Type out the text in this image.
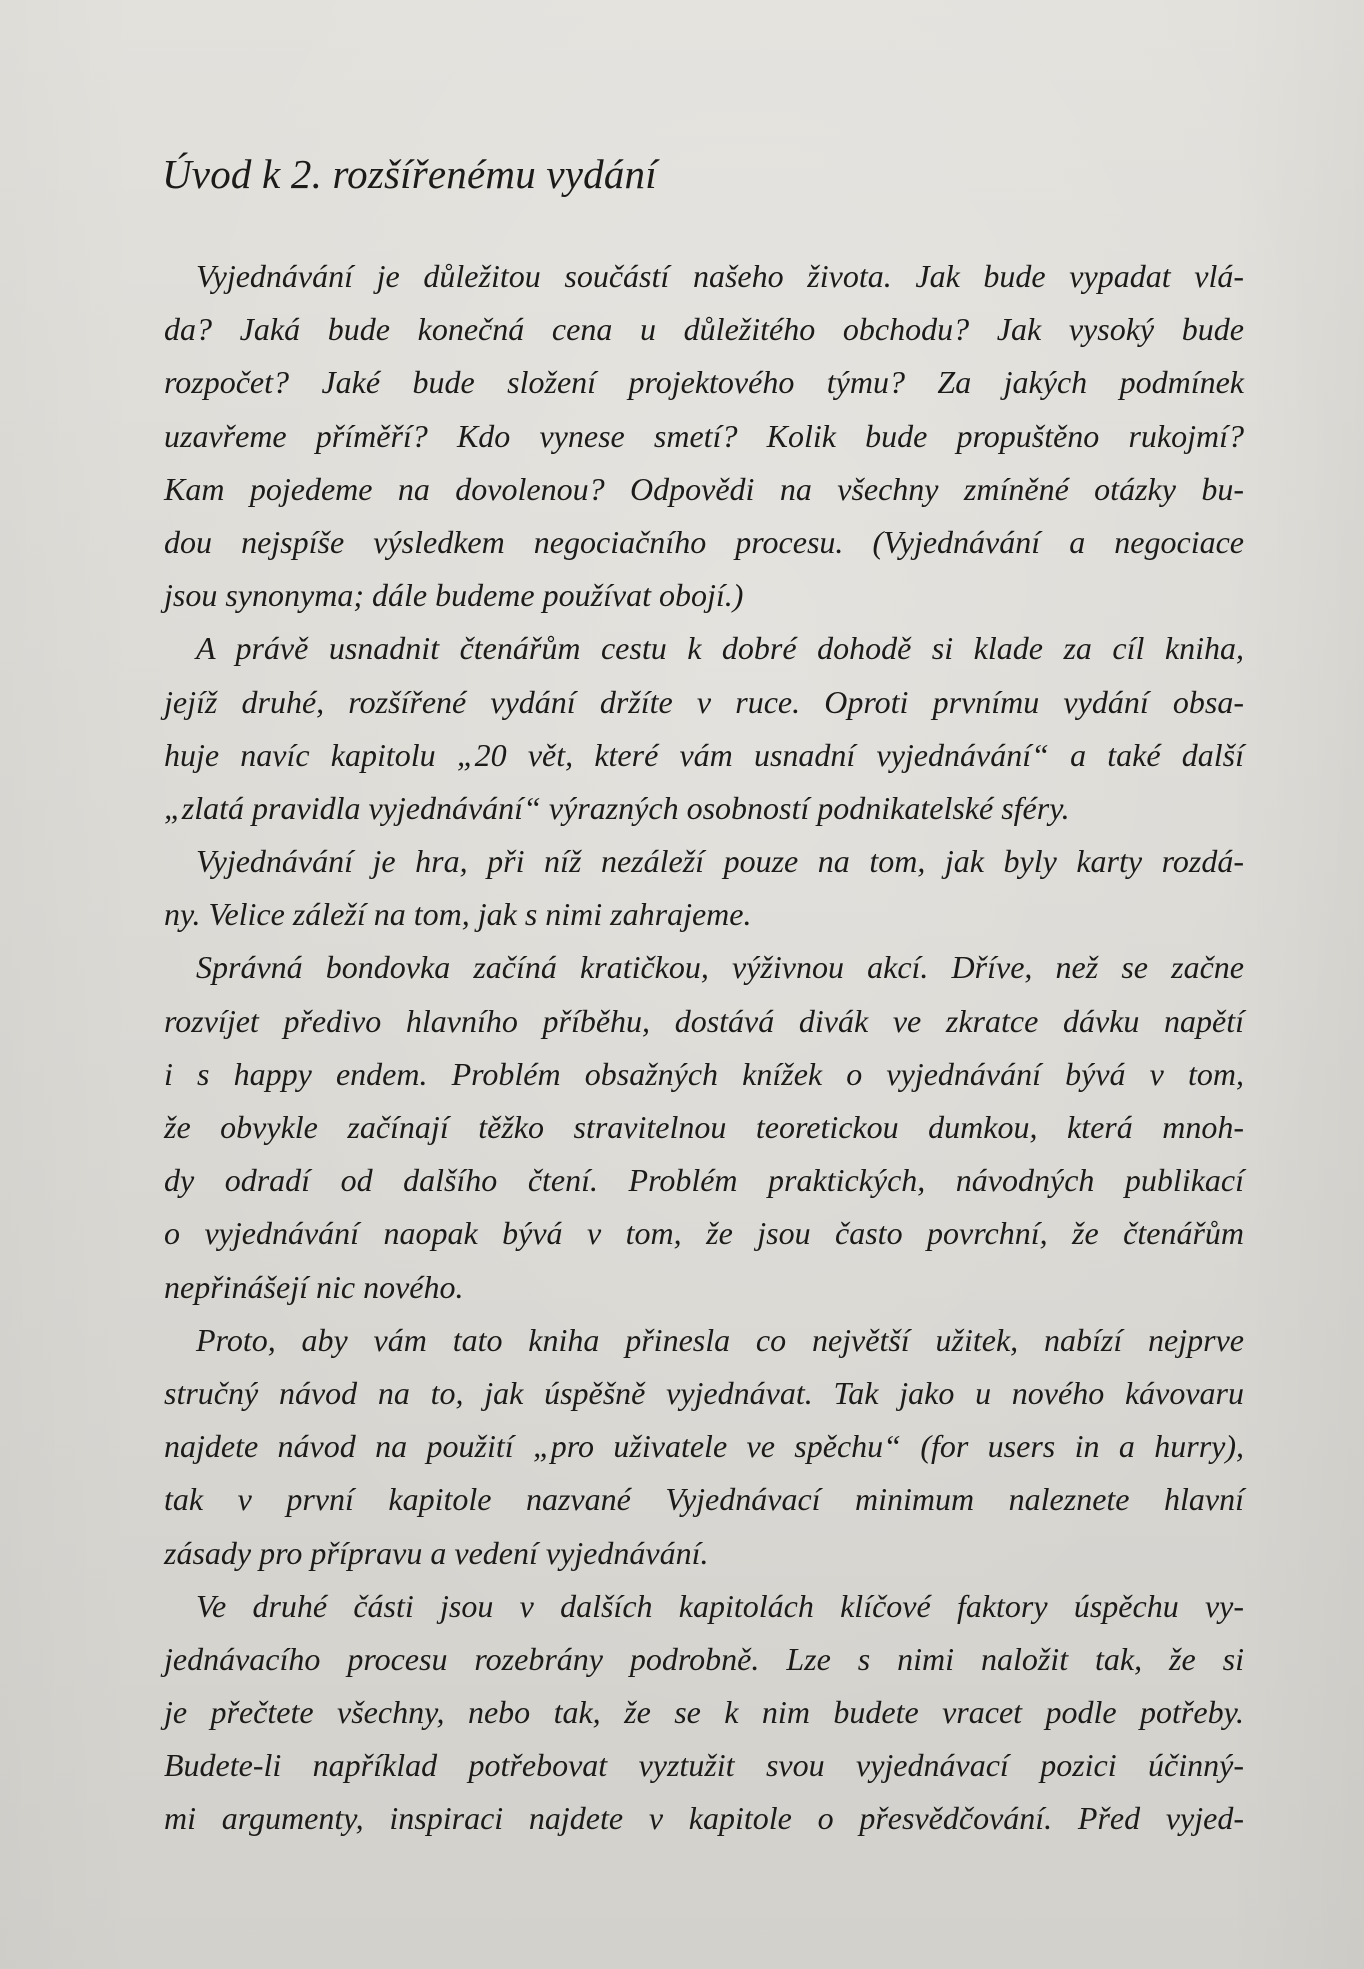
Úvod k 2. rozšířenému vydání
Vyjednávání je důležitou součástí našeho života. Jak bude vypadat vlá-
da? Jaká bude konečná cena u důležitého obchodu? Jak vysoký bude
rozpočet? Jaké bude složení projektového týmu? Za jakých podmínek
uzavřeme příměří? Kdo vynese smetí? Kolik bude propuštěno rukojmí?
Kam pojedeme na dovolenou? Odpovědi na všechny zmíněné otázky bu-
dou nejspíše výsledkem negociačního procesu. (Vyjednávání a negociace
jsou synonyma; dále budeme používat obojí.)
A právě usnadnit čtenářům cestu k dobré dohodě si klade za cíl kniha,
jejíž druhé, rozšířené vydání držíte v ruce. Oproti prvnímu vydání obsa-
huje navíc kapitolu „20 vět, které vám usnadní vyjednávání“ a také další
„zlatá pravidla vyjednávání“ výrazných osobností podnikatelské sféry.
Vyjednávání je hra, při níž nezáleží pouze na tom, jak byly karty rozdá-
ny. Velice záleží na tom, jak s nimi zahrajeme.
Správná bondovka začíná kratičkou, výživnou akcí. Dříve, než se začne
rozvíjet předivo hlavního příběhu, dostává divák ve zkratce dávku napětí
i s happy endem. Problém obsažných knížek o vyjednávání bývá v tom,
že obvykle začínají těžko stravitelnou teoretickou dumkou, která mnoh-
dy odradí od dalšího čtení. Problém praktických, návodných publikací
o vyjednávání naopak bývá v tom, že jsou často povrchní, že čtenářům
nepřinášejí nic nového.
Proto, aby vám tato kniha přinesla co největší užitek, nabízí nejprve
stručný návod na to, jak úspěšně vyjednávat. Tak jako u nového kávovaru
najdete návod na použití „pro uživatele ve spěchu“ (for users in a hurry),
tak v první kapitole nazvané Vyjednávací minimum naleznete hlavní
zásady pro přípravu a vedení vyjednávání.
Ve druhé části jsou v dalších kapitolách klíčové faktory úspěchu vy-
jednávacího procesu rozebrány podrobně. Lze s nimi naložit tak, že si
je přečtete všechny, nebo tak, že se k nim budete vracet podle potřeby.
Budete-li například potřebovat vyztužit svou vyjednávací pozici účinný-
mi argumenty, inspiraci najdete v kapitole o přesvědčování. Před vyjed-
